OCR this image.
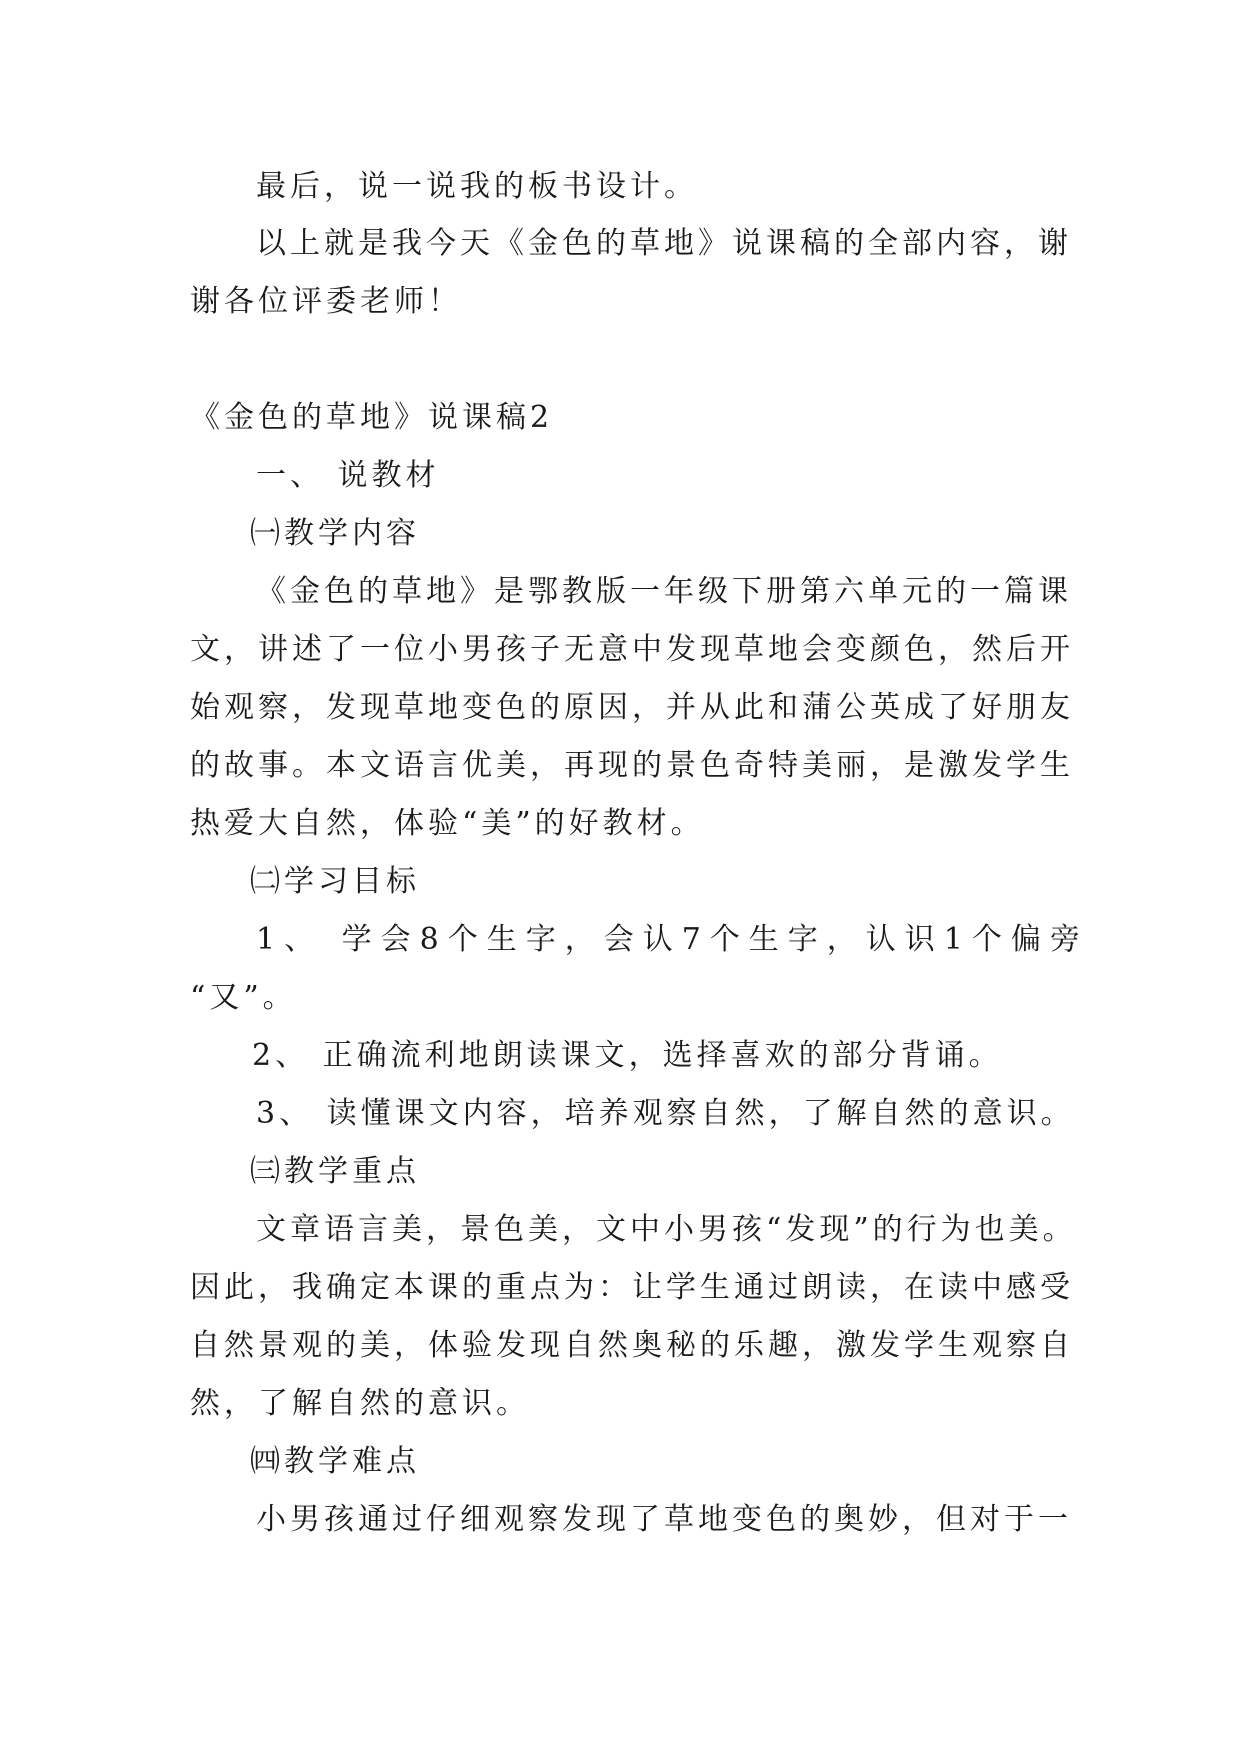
最后，说一说我的板书设计。
以上就是我今天《金色的草地》说课稿的全部内容，谢
谢各位评委老师！
《金色的草地》说课稿2
一、 说教材
㈠教学内容
《金色的草地》是鄂教版一年级下册第六单元的一篇课
文，讲述了一位小男孩子无意中发现草地会变颜色，然后开
始观察，发现草地变色的原因，并从此和蒲公英成了好朋友
的故事。本文语言优美，再现的景色奇特美丽，是激发学生
热爱大自然，体验“美”的好教材。
㈡学习目标
1、 学会8个生字，会认7个生字，认识1个偏旁
“又”。
2、 正确流利地朗读课文，选择喜欢的部分背诵。
3、 读懂课文内容，培养观察自然，了解自然的意识。
㈢教学重点
文章语言美，景色美，文中小男孩“发现”的行为也美。
因此，我确定本课的重点为：让学生通过朗读，在读中感受
自然景观的美，体验发现自然奥秘的乐趣，激发学生观察自
然，了解自然的意识。
㈣教学难点
小男孩通过仔细观察发现了草地变色的奥妙，但对于一
